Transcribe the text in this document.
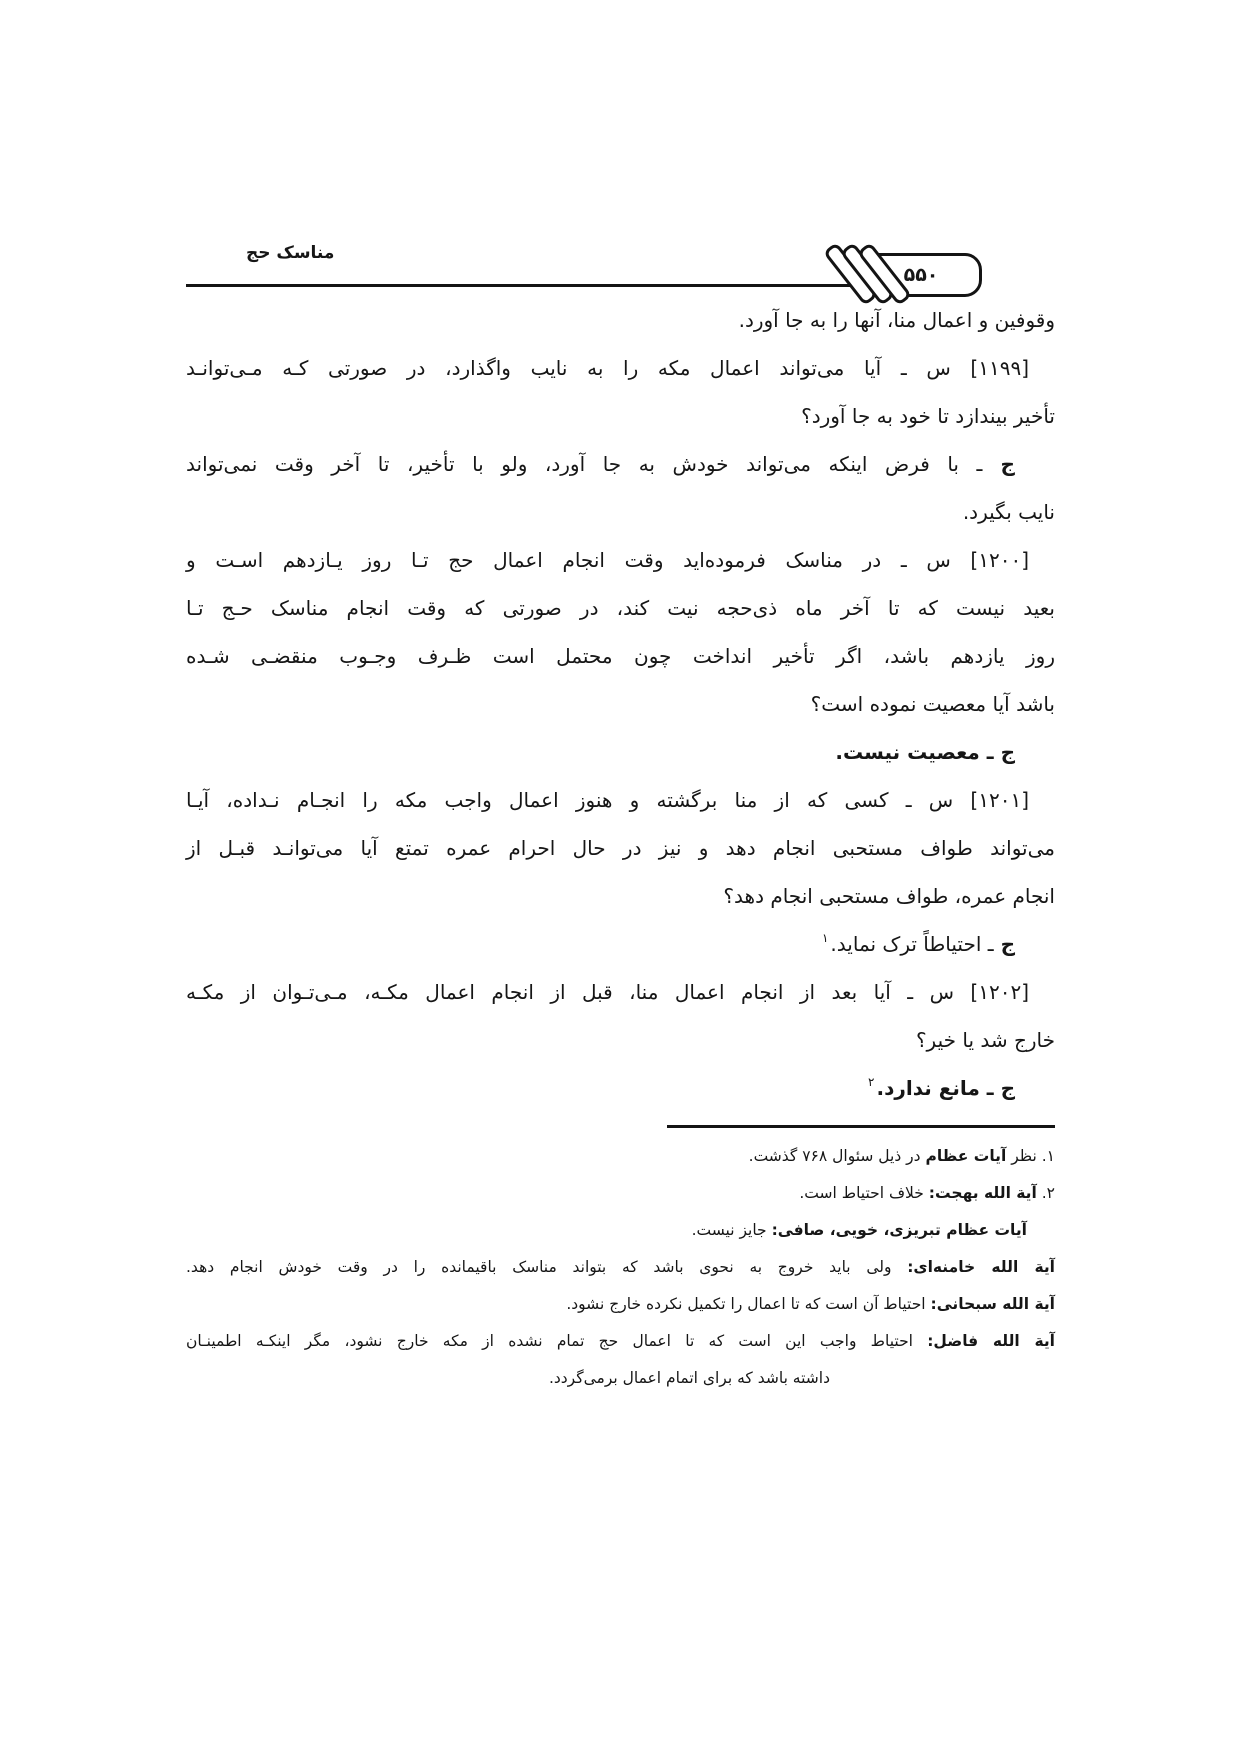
مناسک حج
۵۵۰
وقوفین و اعمال منا، آنها را به جا آورد.
[۱۱۹۹] س ـ آیا می‌تواند اعمال مکه را به نایب واگذارد، در صورتی کـه مـی‌توانـد
تأخیر بیندازد تا خود به جا آورد؟
ج ـ با فرض اینکه می‌تواند خودش به جا آورد، ولو با تأخیر، تا آخر وقت نمی‌تواند
نایب بگیرد.
[۱۲۰۰] س ـ در مناسک فرموده‌اید وقت انجام اعمال حج تـا روز یـازدهم اسـت و
بعید نیست که تا آخر ماه ذی‌حجه نیت کند، در صورتی که وقت انجام مناسک حـج تـا
روز یازدهم باشد، اگر تأخیر انداخت چون محتمل است ظـرف وجـوب منقضـی شـده
باشد آیا معصیت نموده است؟
ج ـ معصیت نیست.
[۱۲۰۱] س ـ کسی که از منا برگشته و هنوز اعمال واجب مکه را انجـام نـداده، آیـا
می‌تواند طواف مستحبی انجام دهد و نیز در حال احرام عمره تمتع آیا می‌توانـد قبـل از
انجام عمره، طواف مستحبی انجام دهد؟
ج ـ احتیاطاً ترک نماید.$^۱$
[۱۲۰۲] س ـ آیا بعد از انجام اعمال منا، قبل از انجام اعمال مکـه، مـی‌تـوان از مکـه
خارج شد یا خیر؟
ج ـ مانع ندارد.$^۲$
۱. نظر آیات عظام در ذیل سئوال ۷۶۸ گذشت.
۲. آیة الله بهجت: خلاف احتیاط است.
آیات عظام تبریزی، خویی، صافی: جایز نیست.
آیة الله خامنه‌ای: ولی باید خروج به نحوی باشد که بتواند مناسک باقیمانده را در وقت خودش انجام دهد.
آیة الله سبحانی: احتیاط آن است که تا اعمال را تکمیل نکرده خارج نشود.
آیة الله فاضل: احتیاط واجب این است که تا اعمال حج تمام نشده از مکه خارج نشود، مگر اینکـه اطمینـان
داشته باشد که برای اتمام اعمال برمی‌گردد.
